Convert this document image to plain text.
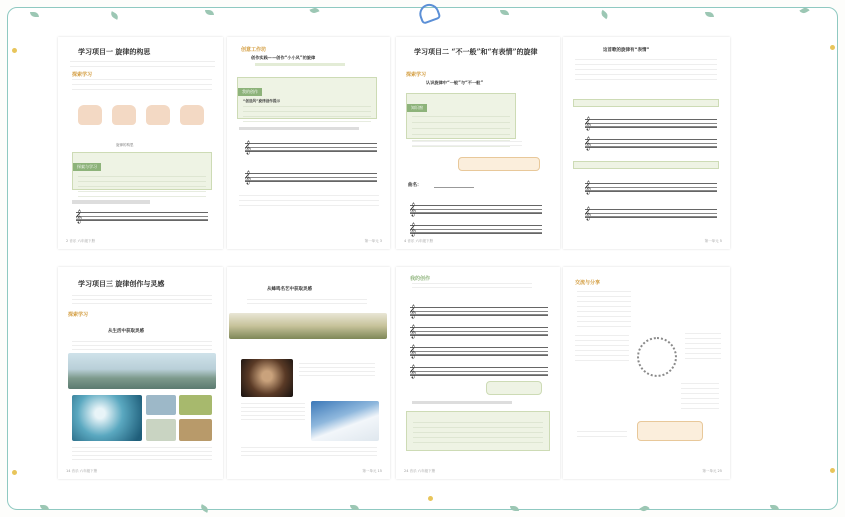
学习项目一 旋律的构思
探索学习
旋律的构思
探索与学习
𝄞
2 音乐 六年级下册
创意工作坊
创作实践——创作“小小风”的旋律
我的创作
“创造风”旋律创作提示
𝄞
𝄞
第一单元 3
学习项目二 “不一般”和“有表情”的旋律
探索学习
认识旋律中“一般”与“不一般”
知识窗
曲名：
𝄞
𝄞
4 音乐 六年级下册
这首歌的旋律有“表情”
𝄞
𝄞
𝄞
𝄞
第一单元 5
学习项目三 旋律创作与灵感
探索学习
从生活中获取灵感
14 音乐 六年级下册
从蜂鸣名艺中获取灵感
第一单元 15
我的创作
𝄞
𝄞
𝄞
𝄞
24 音乐 六年级下册
交流与分享
第一单元 25
